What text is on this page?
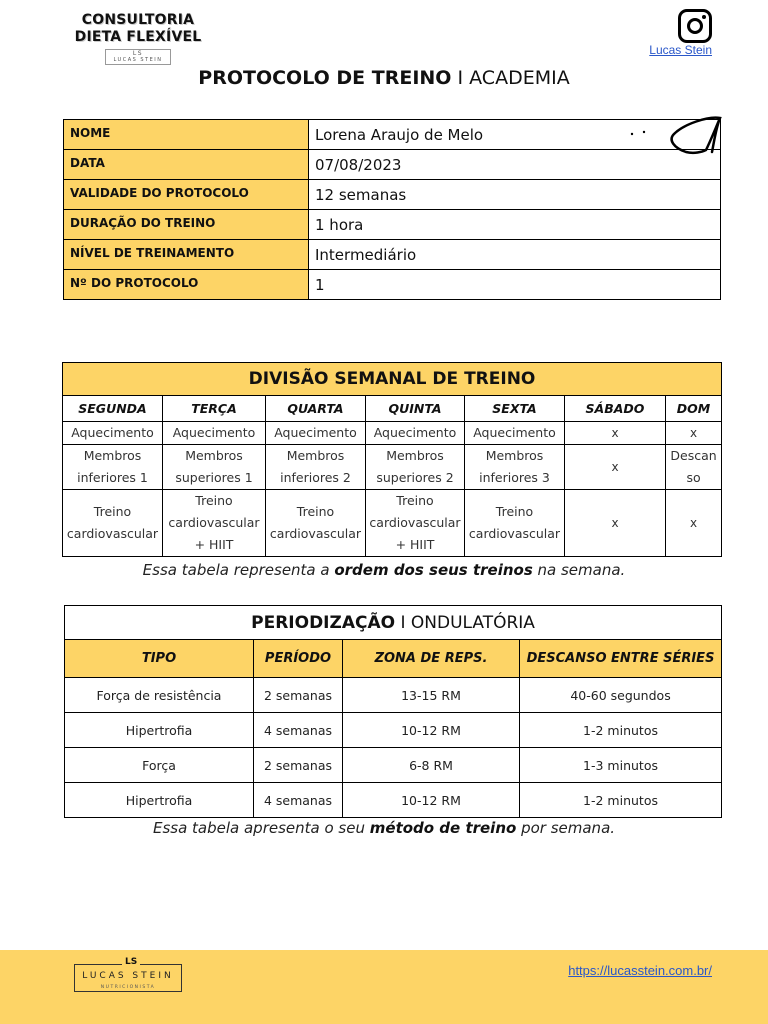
CONSULTORIA
DIETA FLEXÍVEL
LS
LUCAS STEIN
Lucas Stein
PROTOCOLO DE TREINO I ACADEMIA
NOME	Lorena Araujo de Melo
DATA	07/08/2023
VALIDADE DO PROTOCOLO	12 semanas
DURAÇÃO DO TREINO	1 hora
NÍVEL DE TREINAMENTO	Intermediário
Nº DO PROTOCOLO	1
DIVISÃO SEMANAL DE TREINO						
SEGUNDA	TERÇA	QUARTA	QUINTA	SEXTA	SÁBADO	DOM
Aquecimento	Aquecimento	Aquecimento	Aquecimento	Aquecimento	x	x
Membros inferiores 1	Membros superiores 1	Membros inferiores 2	Membros superiores 2	Membros inferiores 3	x	Descan so
Treino cardiovascular	Treino cardiovascular + HIIT	Treino cardiovascular	Treino cardiovascular + HIIT	Treino cardiovascular	x	x
Essa tabela representa a ordem dos seus treinos na semana.
PERIODIZAÇÃO I ONDULATÓRIA			
TIPO	PERÍODO	ZONA DE REPS.	DESCANSO ENTRE SÉRIES
Força de resistência	2 semanas	13-15 RM	40-60 segundos
Hipertrofia	4 semanas	10-12 RM	1-2 minutos
Força	2 semanas	6-8 RM	1-3 minutos
Hipertrofia	4 semanas	10-12 RM	1-2 minutos
Essa tabela apresenta o seu método de treino por semana.
LS
LUCAS STEIN
NUTRICIONISTA
https://lucasstein.com.br/
